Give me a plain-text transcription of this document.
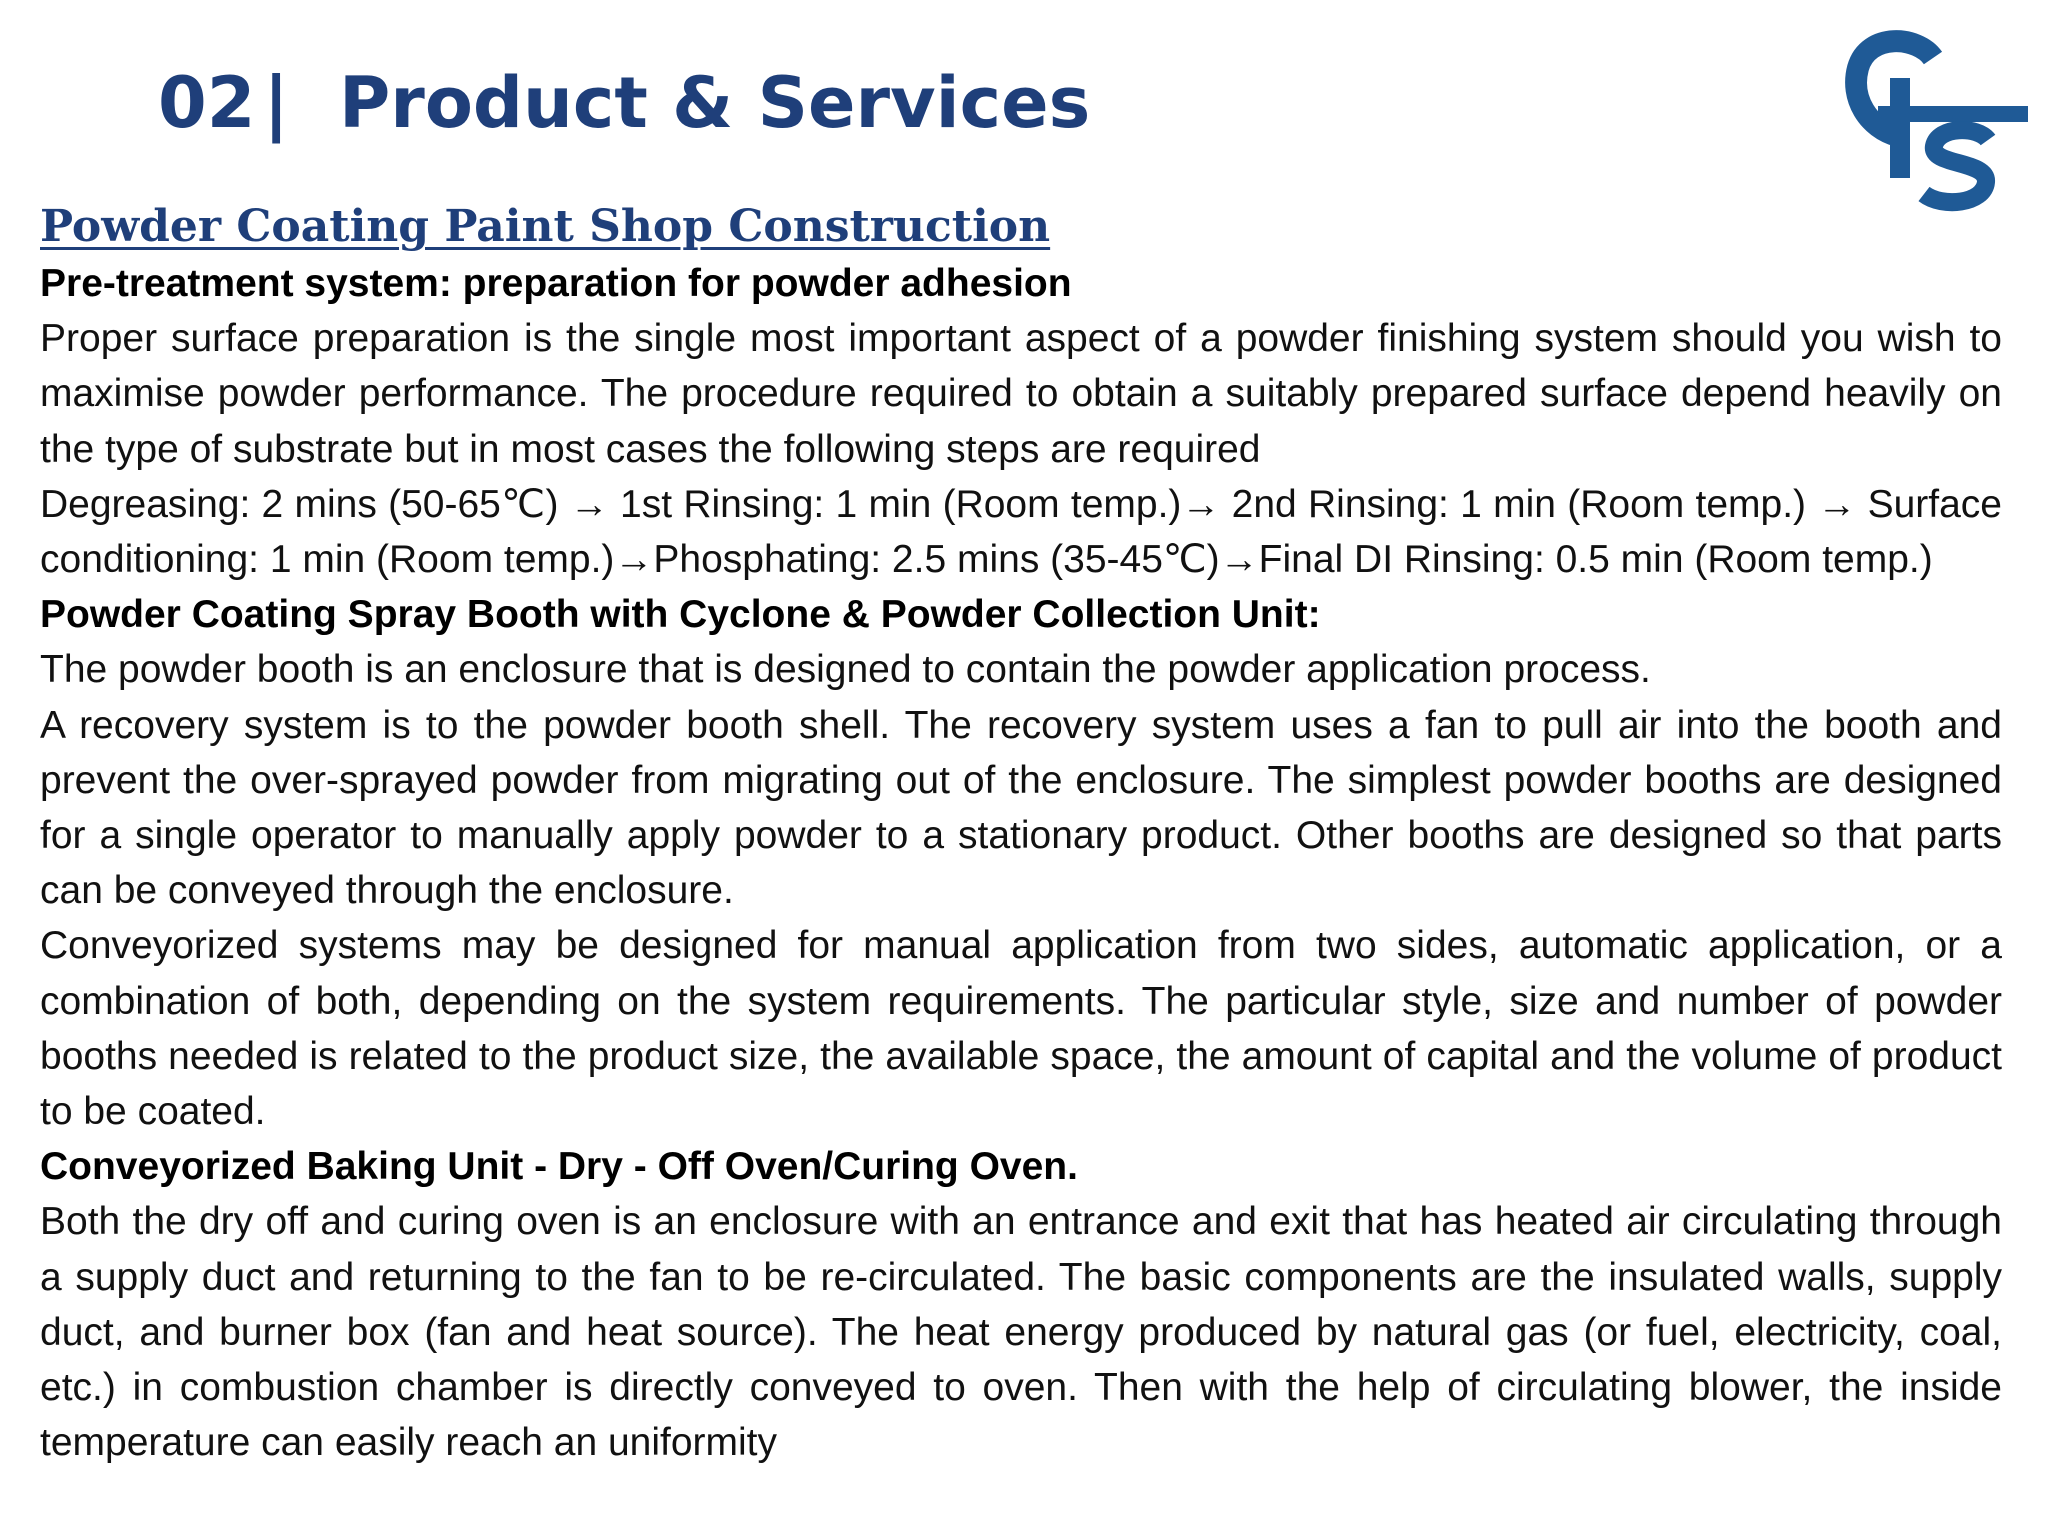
02 | Product & Services
Powder Coating Paint Shop Construction
Pre-treatment system: preparation for powder adhesion
Proper surface preparation is the single most important aspect of a powder finishing system should you wish to maximise powder performance. The procedure required to obtain a suitably prepared surface depend heavily on the type of substrate but in most cases the following steps are required
Degreasing: 2 mins (50-65℃) → 1st Rinsing: 1 min (Room temp.)→ 2nd Rinsing: 1 min (Room temp.) → Surface conditioning: 1 min (Room temp.)→Phosphating: 2.5 mins (35-45℃)→Final DI Rinsing: 0.5 min (Room temp.)
Powder Coating Spray Booth with Cyclone & Powder Collection Unit:
The powder booth is an enclosure that is designed to contain the powder application process.
A recovery system is to the powder booth shell. The recovery system uses a fan to pull air into the booth and prevent the over-sprayed powder from migrating out of the enclosure. The simplest powder booths are designed for a single operator to manually apply powder to a stationary product. Other booths are designed so that parts can be conveyed through the enclosure.
Conveyorized systems may be designed for manual application from two sides, automatic application, or a combination of both, depending on the system requirements. The particular style, size and number of powder booths needed is related to the product size, the available space, the amount of capital and the volume of product to be coated.
Conveyorized Baking Unit - Dry - Off Oven/Curing Oven.
Both the dry off and curing oven is an enclosure with an entrance and exit that has heated air circulating through a supply duct and returning to the fan to be re-circulated. The basic components are the insulated walls, supply duct, and burner box (fan and heat source). The heat energy produced by natural gas (or fuel, electricity, coal, etc.) in combustion chamber is directly conveyed to oven. Then with the help of circulating blower, the inside temperature can easily reach an uniformity
